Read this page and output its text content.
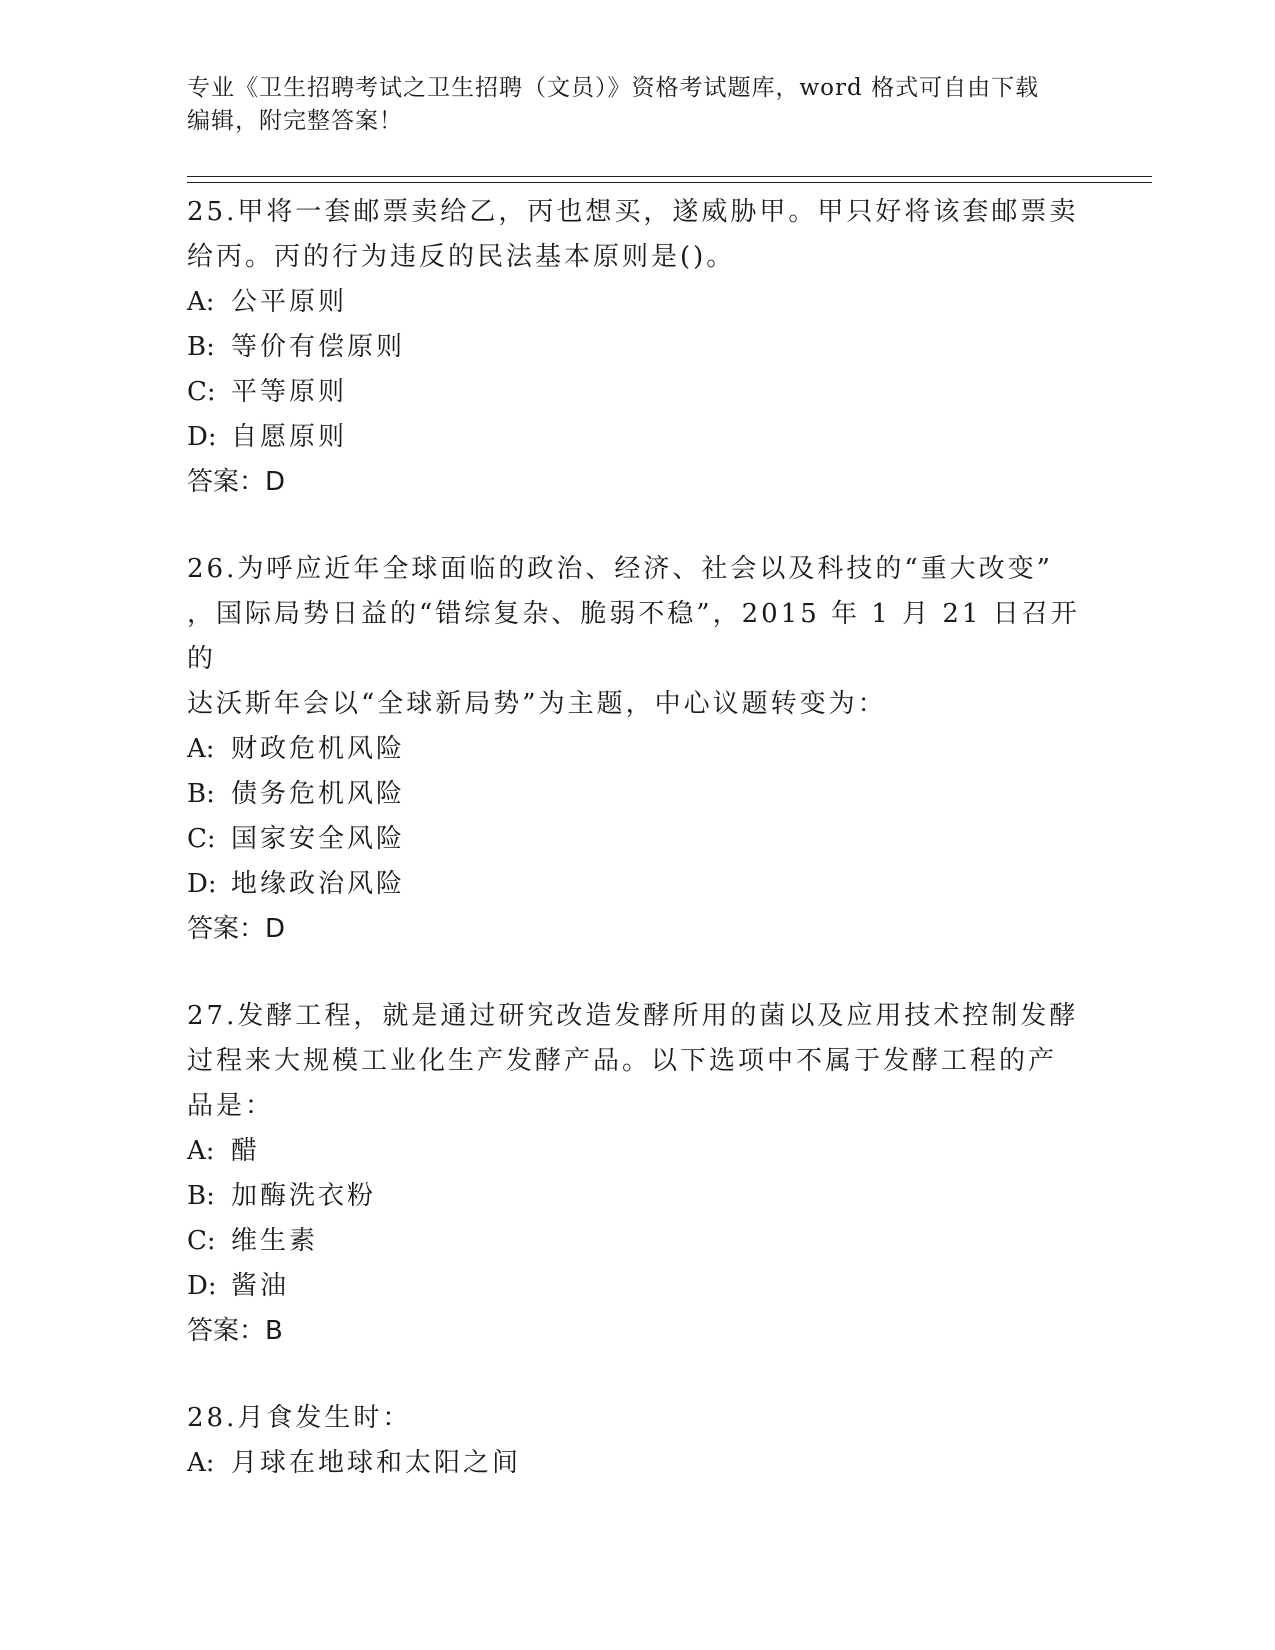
专业《卫生招聘考试之卫生招聘（文员）》资格考试题库，word 格式可自由下载
编辑，附完整答案！

25.甲将一套邮票卖给乙，丙也想买，遂威胁甲。甲只好将该套邮票卖

给丙。丙的行为违反的民法基本原则是()。

A: 公平原则

B: 等价有偿原则

C: 平等原则

D: 自愿原则

答案：D

26.为呼应近年全球面临的政治、经济、社会以及科技的“重大改变”

，国际局势日益的“错综复杂、脆弱不稳”，2015 年 1 月 21 日召开的

达沃斯年会以“全球新局势”为主题，中心议题转变为：

A: 财政危机风险

B: 债务危机风险

C: 国家安全风险

D: 地缘政治风险

答案：D

27.发酵工程，就是通过研究改造发酵所用的菌以及应用技术控制发酵

过程来大规模工业化生产发酵产品。以下选项中不属于发酵工程的产

品是：

A: 醋

B: 加酶洗衣粉

C: 维生素

D: 酱油

答案：B

28.月食发生时：

A: 月球在地球和太阳之间
